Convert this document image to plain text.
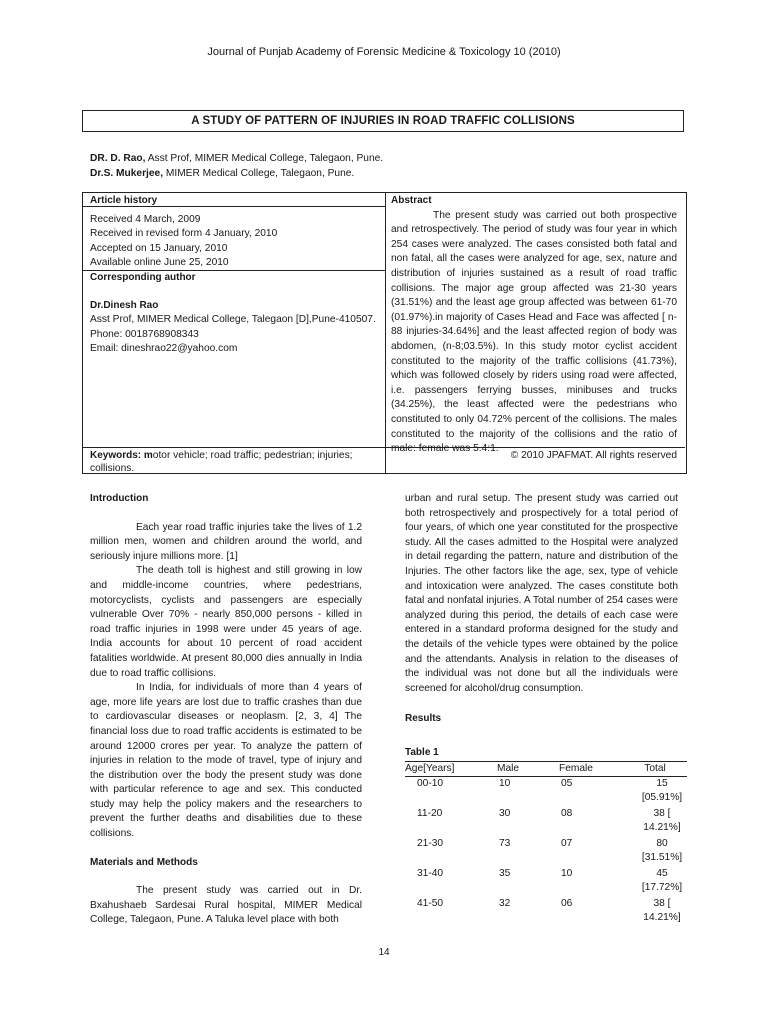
Journal of Punjab Academy of Forensic Medicine & Toxicology 10 (2010)
A STUDY OF PATTERN OF INJURIES IN ROAD TRAFFIC COLLISIONS
DR. D. Rao, Asst Prof, MIMER Medical College, Talegaon, Pune.
Dr.S. Mukerjee, MIMER Medical College, Talegaon, Pune.
Article history
Received 4 March, 2009
Received in revised form 4 January, 2010
Accepted on 15 January, 2010
Available online June 25, 2010
Corresponding author
Dr.Dinesh Rao
Asst Prof, MIMER Medical College, Talegaon [D],Pune-410507.
Phone: 0018768908343
Email: dineshrao22@yahoo.com
Keywords: motor vehicle; road traffic; pedestrian; injuries; collisions.
Abstract

The present study was carried out both prospective and retrospectively. The period of study was four year in which 254 cases were analyzed. The cases consisted both fatal and non fatal, all the cases were analyzed for age, sex, nature and distribution of injuries sustained as a result of road traffic collisions. The major age group affected was 21-30 years (31.51%) and the least age group affected was between 61-70 (01.97%).in majority of Cases Head and Face was affected [ n-88 injuries-34.64%] and the least affected region of body was abdomen, (n-8;03.5%). In this study motor cyclist accident constituted to the majority of the traffic collisions (41.73%), which was followed closely by riders using road were affected, i.e. passengers ferrying busses, minibuses and trucks (34.25%), the least affected were the pedestrians who constituted to only 04.72% percent of the collisions. The males constituted to the majority of the collisions and the ratio of male: female was 5.4:1.

© 2010 JPAFMAT. All rights reserved
Introduction

Each year road traffic injuries take the lives of 1.2 million men, women and children around the world, and seriously injure millions more. [1]

The death toll is highest and still growing in low and middle-income countries, where pedestrians, motorcyclists, cyclists and passengers are especially vulnerable Over 70% - nearly 850,000 persons - killed in road traffic injuries in 1998 were under 45 years of age. India accounts for about 10 percent of road accident fatalities worldwide. At present 80,000 dies annually in India due to road traffic collisions.

In India, for individuals of more than 4 years of age, more life years are lost due to traffic crashes than due to cardiovascular diseases or neoplasm. [2, 3, 4] The financial loss due to road traffic accidents is estimated to be around 12000 crores per year. To analyze the pattern of injuries in relation to the mode of travel, type of injury and the distribution over the body the present study was done with particular reference to age and sex. This conducted study may help the policy makers and the researchers to prevent the further deaths and disabilities due to these collisions.

Materials and Methods

The present study was carried out in Dr. Bxahushaeb Sardesai Rural hospital, MIMER Medical College, Talegaon, Pune. A Taluka level place with both

urban and rural setup. The present study was carried out both retrospectively and prospectively for a total period of four years, of which one year constituted for the prospective study. All the cases admitted to the Hospital were analyzed in detail regarding the pattern, nature and distribution of the Injuries. The other factors like the age, sex, type of vehicle and intoxication were analyzed. The cases constitute both fatal and nonfatal injuries. A Total number of 254 cases were analyzed during this period, the details of each case were entered in a standard proforma designed for the study and the details of the vehicle types were obtained by the police and the attendants. Analysis in relation to the diseases of the individual was not done but all the individuals were screened for alcohol/drug consumption.

Results
Table 1
Age[Years]	Male	Female	Total
00-10	10	05	15
[05.91%]

11-20	30	08	38 [
14.21%]

21-30	73	07	80
[31.51%]

31-40	35	10	45
[17.72%]

41-50	32	06	38 [
14.21%]
14
